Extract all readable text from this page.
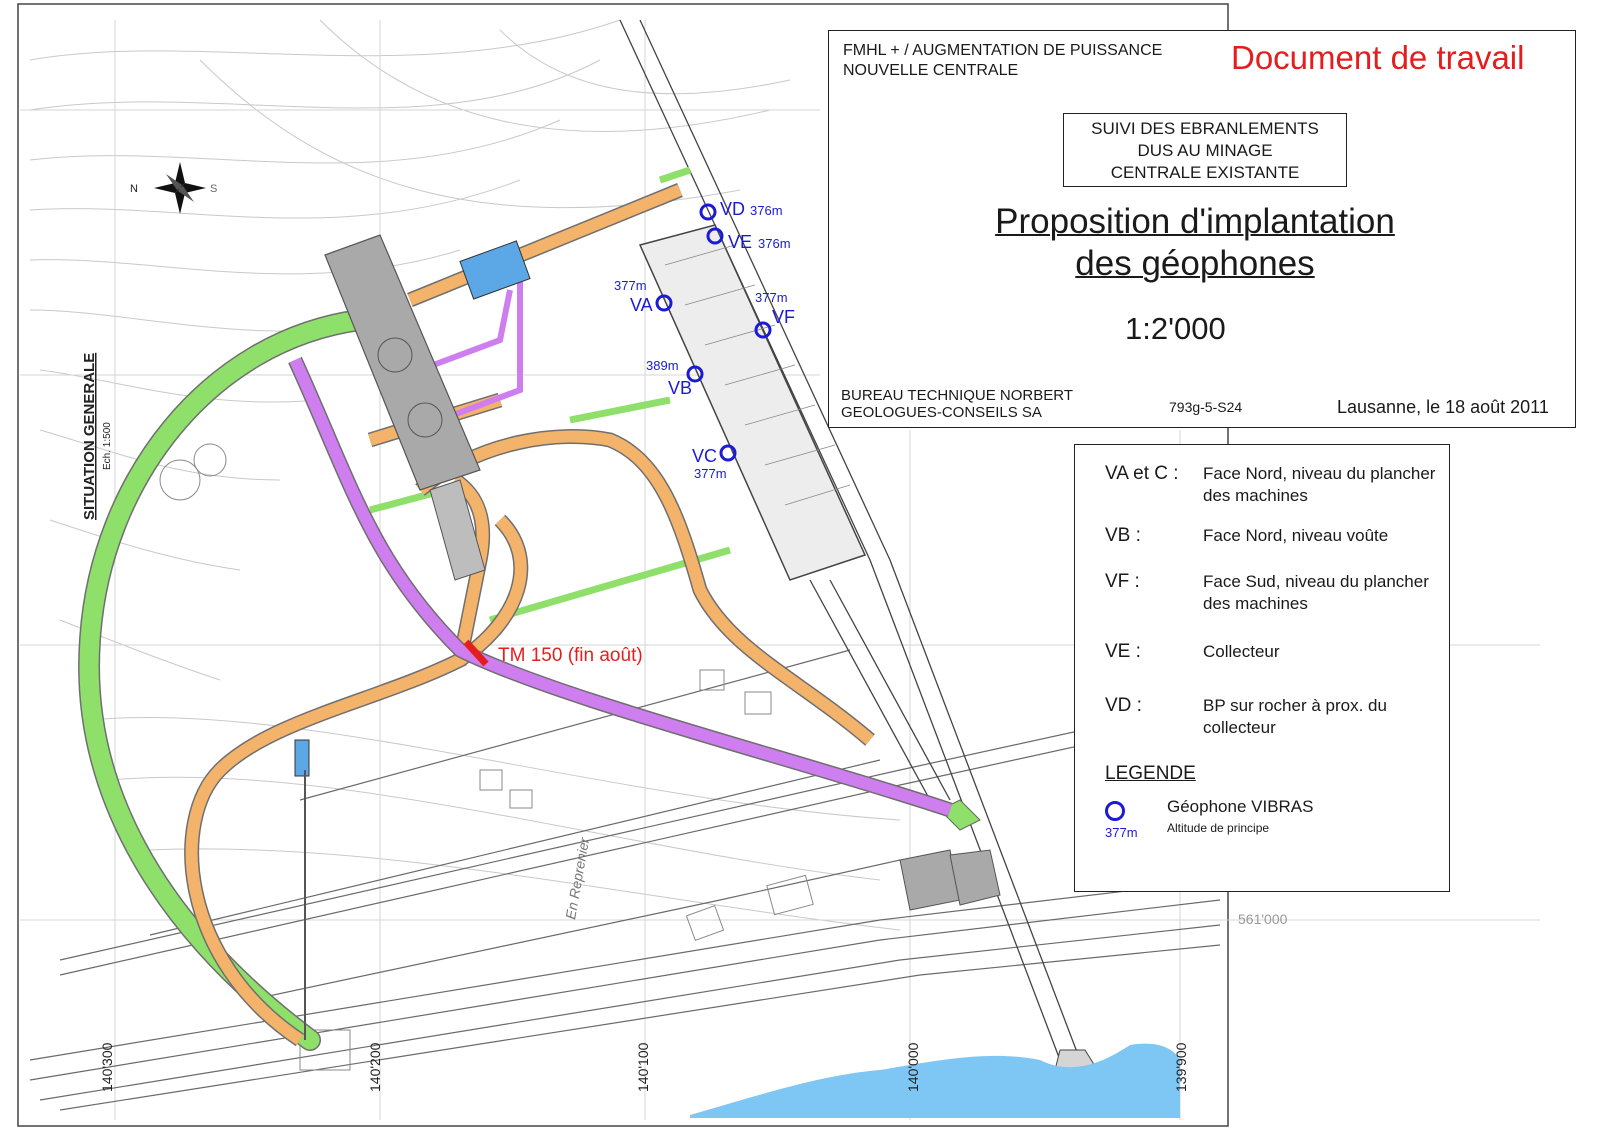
TM 150 (fin août)
N	S
SITUATION GENERALE Ech. 1:500
En Reprenier
140'300	140'200	140'100	140'000	139'900
561'000
VD 376m
VE 376m
VA
377m
VF
377m
VB
389m
VC
377m
FMHL + / AUGMENTATION DE PUISSANCE
NOUVELLE CENTRALE	Document de travail
SUIVI DES EBRANLEMENTS
DUS AU MINAGE
CENTRALE EXISTANTE
Proposition d'implantation
des géophones
1:2'000
BUREAU TECHNIQUE NORBERT
GEOLOGUES-CONSEILS SA	793g-5-S24	Lausanne, le 18 août 2011
VA et C : Face Nord, niveau du plancher des machines
VB :	Face Nord, niveau voûte
VF :	Face Sud, niveau du plancher des machines
VE :	Collecteur
VD :	BP sur rocher à prox. du collecteur
LEGENDE
377m
Géophone VIBRAS
Altitude de principe
